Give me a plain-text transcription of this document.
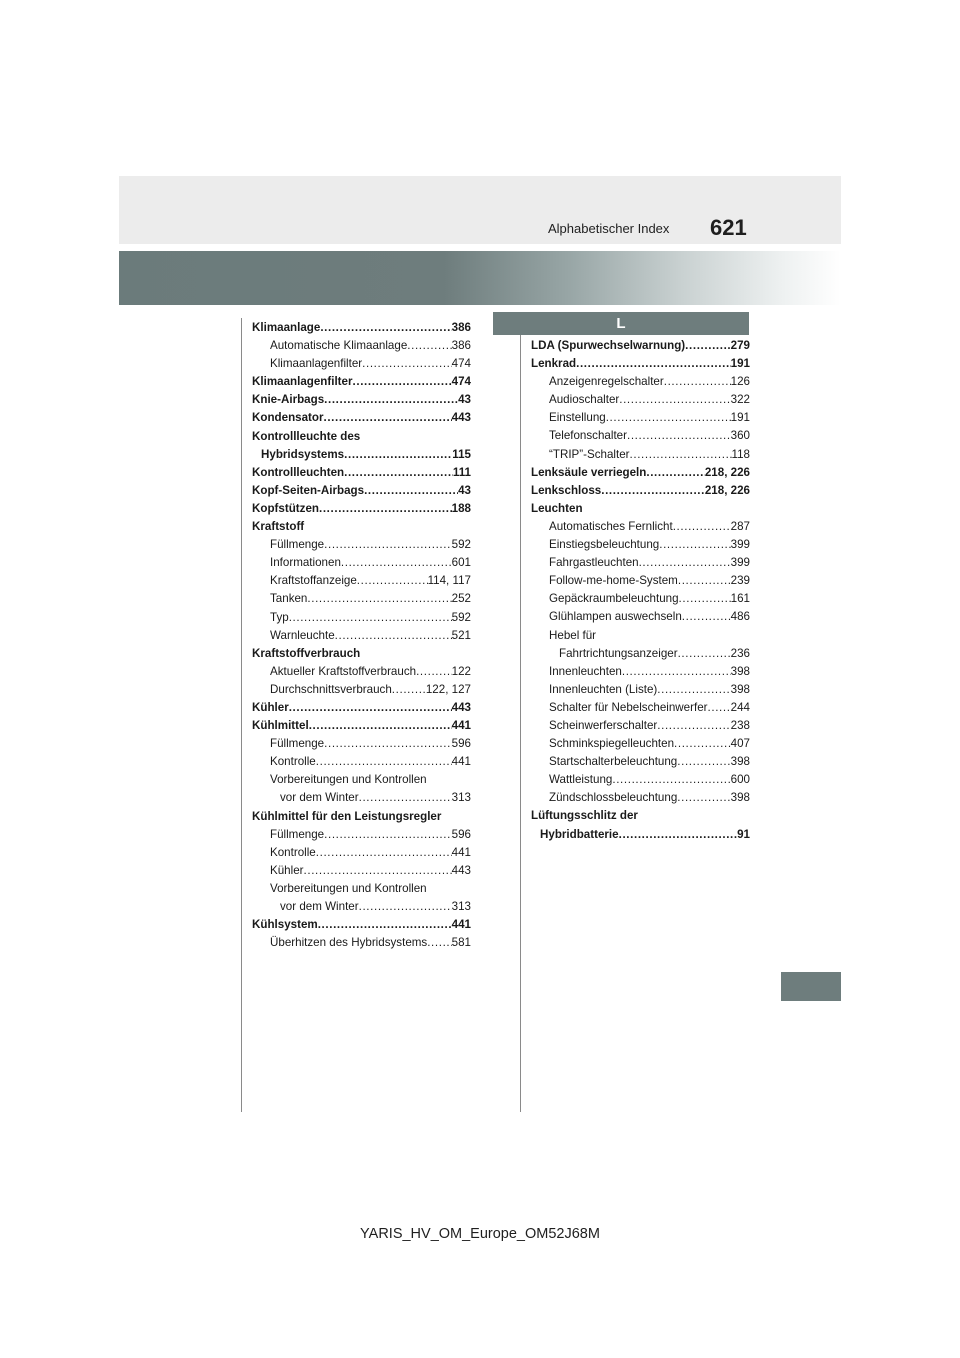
Alphabetischer Index 621
Klimaanlage . . .	386
Automatische Klimaanlage . . .	386
Klimaanlagenfilter . . .	474
Klimaanlagenfilter . . .	474
Knie-Airbags . . .	43
Kondensator . . .	443
Kontrollleuchte des
Hybridsystems . . .	115
Kontrollleuchten . . .	111
Kopf-Seiten-Airbags . . .	43
Kopfstützen . . .	188
Kraftstoff
Füllmenge . . .	592
Informationen . . .	601
Kraftstoffanzeige . . .	114, 117
Tanken . . .	252
Typ . . .	592
Warnleuchte . . .	521
Kraftstoffverbrauch
Aktueller Kraftstoffverbrauch . . .	122
Durchschnittsverbrauch . . .	122, 127
Kühler . . .	443
Kühlmittel . . .	441
Füllmenge . . .	596
Kontrolle . . .	441
Vorbereitungen und Kontrollen
vor dem Winter . . .	313
Kühlmittel für den Leistungsregler
Füllmenge . . .	596
Kontrolle . . .	441
Kühler . . .	443
Vorbereitungen und Kontrollen
vor dem Winter . . .	313
Kühlsystem . . .	441
Überhitzen des Hybridsystems . . . 581
L
LDA (Spurwechselwarnung) . . .	279
Lenkrad . . .	191
Anzeigenregelschalter . . .	126
Audioschalter . . .	322
Einstellung . . .	191
Telefonschalter . . .	360
“TRIP”-Schalter . . .	118
Lenksäule verriegeln . . .	218, 226
Lenkschloss . . .	218, 226
Leuchten
Automatisches Fernlicht . . .	287
Einstiegsbeleuchtung . . .	399
Fahrgastleuchten . . .	399
Follow-me-home-System . . .	239
Gepäckraumbeleuchtung . . .	161
Glühlampen auswechseln . . .	486
Hebel für
Fahrtrichtungsanzeiger . . .	236
Innenleuchten . . .	398
Innenleuchten (Liste) . . .	398
Schalter für Nebelscheinwerfer . . . 244
Scheinwerferschalter . . .	238
Schminkspiegelleuchten . . .	407
Startschalterbeleuchtung . . .	398
Wattleistung . . .	600
Zündschlossbeleuchtung . . .	398
Lüftungsschlitz der
Hybridbatterie . . .	91
YARIS_HV_OM_Europe_OM52J68M
